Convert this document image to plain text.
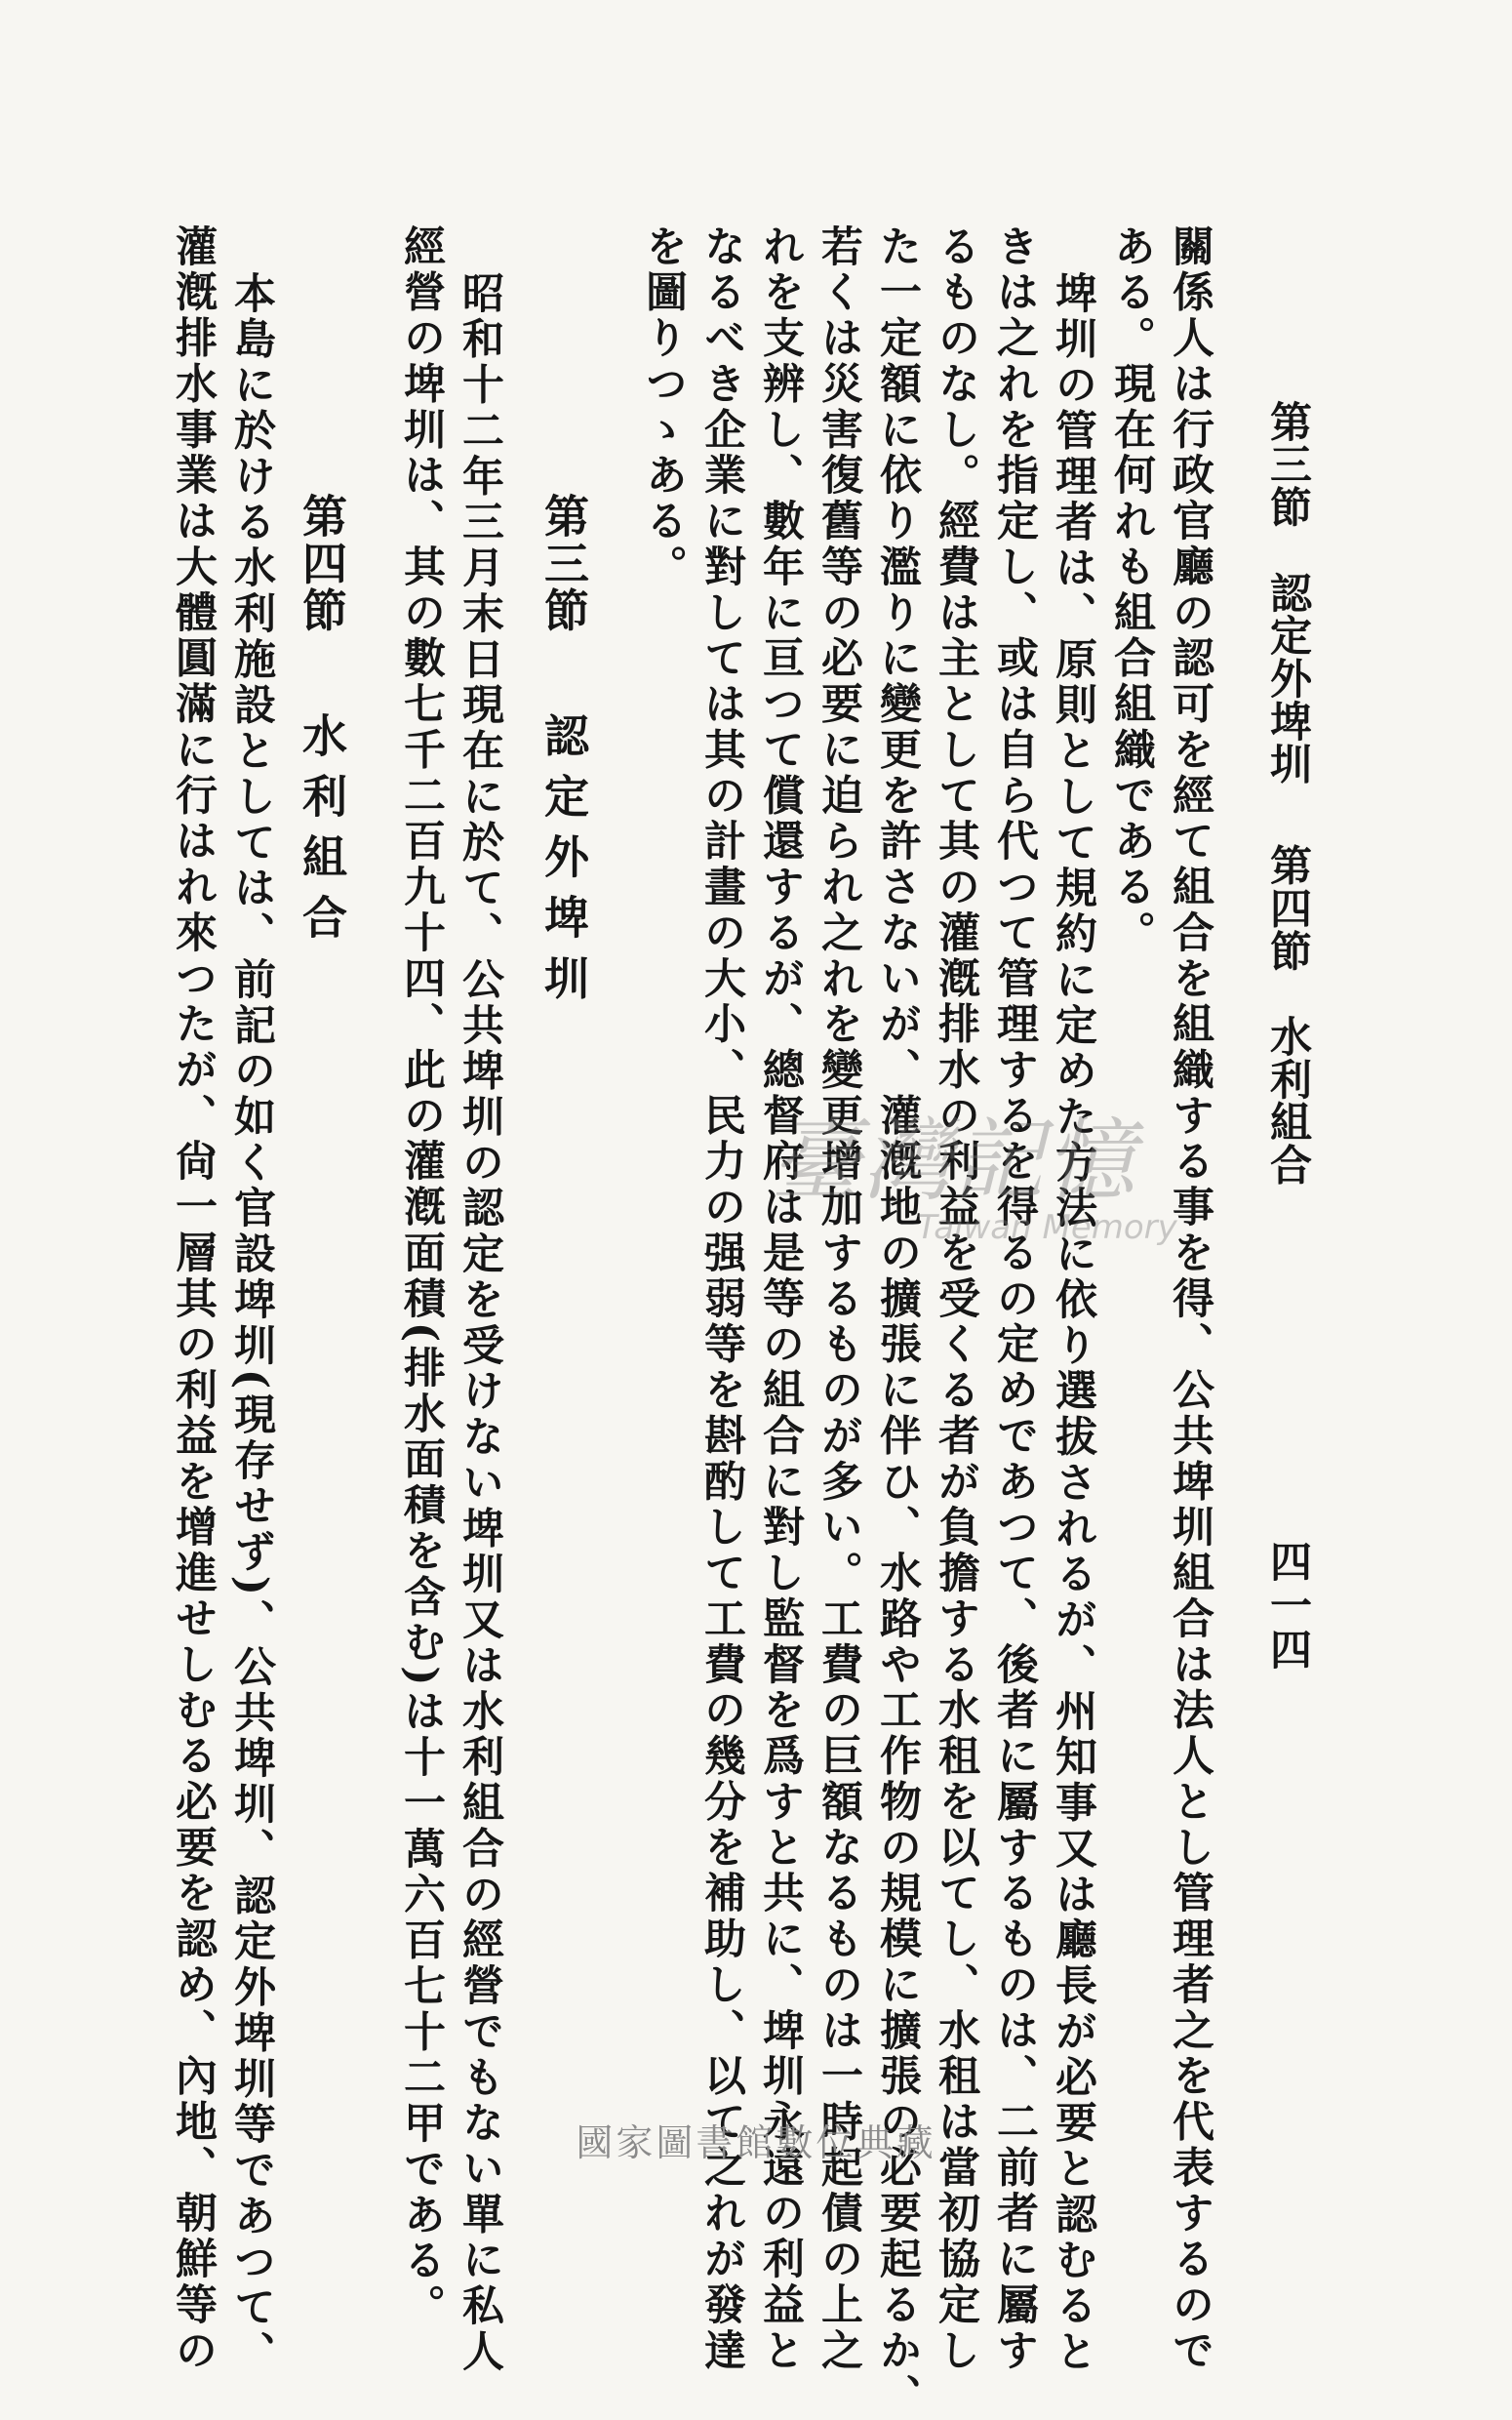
第三節　認定外埤圳第四節　水利組合
四一四
關係人は行政官廳の認可を經て組合を組織する事を得、公共埤圳組合は法人とし管理者之を代表するので
ある。現在何れも組合組織である。
埤圳の管理者は、原則として規約に定めた方法に依り選拔されるが、州知事又は廳長が必要と認むると
きは之れを指定し、或は自ら代つて管理するを得るの定めであつて、後者に屬するものは、二前者に屬す
るものなし。經費は主として其の灌漑排水の利益を受くる者が負擔する水租を以てし、水租は當初協定し
た一定額に依り濫りに變更を許さないが、灌漑地の擴張に伴ひ、水路や工作物の規模に擴張の必要起るか、
若くは災害復舊等の必要に迫られ之れを變更增加するものが多い。工費の巨額なるものは一時起債の上之
れを支辨し、數年に亘つて償還するが、總督府は是等の組合に對し監督を爲すと共に、埤圳永遠の利益と
なるべき企業に對しては其の計畫の大小、民力の强弱等を斟酌して工費の幾分を補助し、以て之れが發達
を圖りつゝある。
第三節認定外埤圳
昭和十二年三月末日現在に於て、公共埤圳の認定を受けない埤圳又は水利組合の經營でもない單に私人
經營の埤圳は、其の數七千二百九十四、此の灌漑面積(排水面積を含む)は十一萬六百七十二甲である。
第四節水利組合
本島に於ける水利施設としては、前記の如く官設埤圳(現存せず)、公共埤圳、認定外埤圳等であつて、
灌漑排水事業は大體圓滿に行はれ來つたが、尙一層其の利益を增進せしむる必要を認め、內地、朝鮮等の	臺灣記憶
Taiwan Memory
國家圖書館數位典藏
